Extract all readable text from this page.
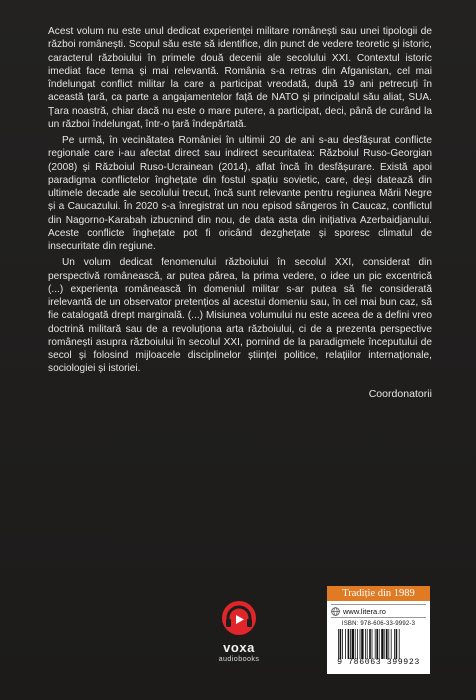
Acest volum nu este unul dedicat experienței militare românești sau unei tipologii de război românești. Scopul său este să identifice, din punct de vedere teoretic și istoric, caracterul războiului în primele două decenii ale secolului XXI. Contextul istoric imediat face tema și mai relevantă. România s-a retras din Afganistan, cel mai îndelungat conflict militar la care a participat vreodată, după 19 ani petrecuți în această țară, ca parte a angajamentelor față de NATO și principalul său aliat, SUA. Țara noastră, chiar dacă nu este o mare putere, a participat, deci, până de curând la un război îndelungat, într-o țară îndepărtată.

Pe urmă, în vecinătatea României în ultimii 20 de ani s-au desfășurat conflicte regionale care i-au afectat direct sau indirect securitatea: Războiul Ruso-Georgian (2008) și Războiul Ruso-Ucrainean (2014), aflat încă în desfășurare. Există apoi paradigma conflictelor înghețate din fostul spațiu sovietic, care, deși datează din ultimele decade ale secolului trecut, încă sunt relevante pentru regiunea Mării Negre și a Caucazului. În 2020 s-a înregistrat un nou episod sângeros în Caucaz, conflictul din Nagorno-Karabah izbucnind din nou, de data asta din inițiativa Azerbaidjanului. Aceste conflicte înghețate pot fi oricând dezghețate și sporesc climatul de insecuritate din regiune.

Un volum dedicat fenomenului războiului în secolul XXI, considerat din perspectivă românească, ar putea părea, la prima vedere, o idee un pic excentrică (...) experiența românească în domeniul militar s-ar putea să fie considerată irelevantă de un observator pretențios al acestui domeniu sau, în cel mai bun caz, să fie catalogată drept marginală. (...) Misiunea volumului nu este aceea de a defini vreo doctrină militară sau de a revoluționa arta războiului, ci de a prezenta perspective românești asupra războiului în secolul XXI, pornind de la paradigmele începutului de secol și folosind mijloacele disciplinelor științei politice, relațiilor internaționale, sociologiei și istoriei.

Coordonatorii
voxa
audiobooks
Tradiție din 1989
www.litera.ro
ISBN: 978-606-33-9992-3
9 786063 399923
